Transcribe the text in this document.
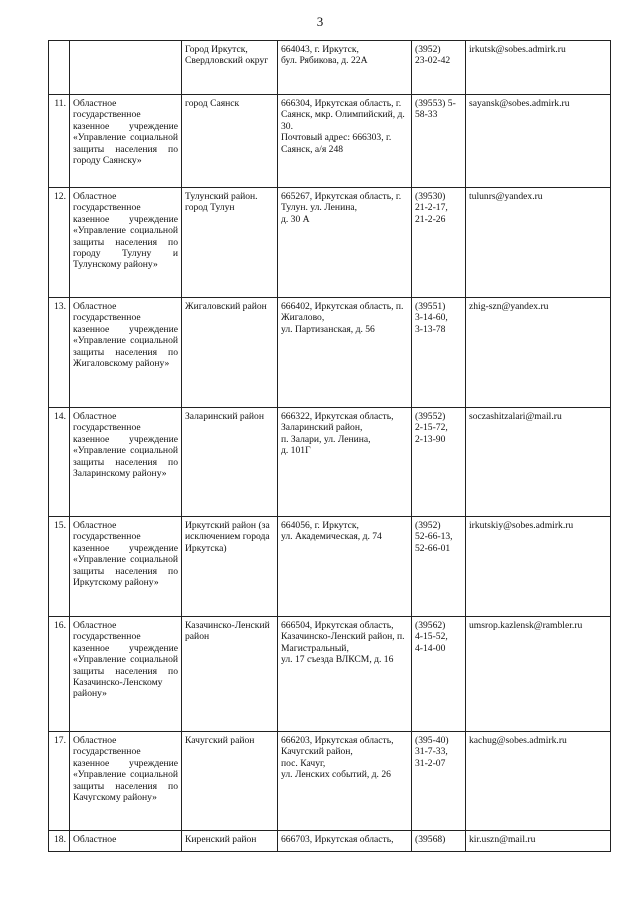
3
		Город Иркутск, Свердловский округ	664043, г. Иркутск,
бул. Рябикова, д. 22А	(3952)
23-02-42	irkutsk@sobes.admirk.ru
11.	Областное государственное казенное учреждение «Управление социальной защиты населения по городу Саянску»	город Саянск	666304, Иркутская область, г. Саянск, мкр. Олимпийский, д. 30.
Почтовый адрес: 666303, г. Саянск, а/я 248	(39553) 5-58-33	sayansk@sobes.admirk.ru
12.	Областное государственное казенное учреждение «Управление социальной защиты населения по городу Тулуну и Тулунскому району»	Тулунский район. город Тулун	665267, Иркутская область, г. Тулун. ул. Ленина,
д. 30 А	(39530)
21-2-17,
21-2-26	tulunrs@yandex.ru
13.	Областное государственное казенное учреждение «Управление социальной защиты населения по Жигаловскому району»	Жигаловский район	666402, Иркутская область, п. Жигалово,
ул. Партизанская, д. 56	(39551)
3-14-60,
3-13-78	zhig-szn@yandex.ru
14.	Областное государственное казенное учреждение «Управление социальной защиты населения по Заларинскому району»	Заларинский район	666322, Иркутская область, Заларинский район,
п. Залари, ул. Ленина,
д. 101Г	(39552)
2-15-72,
2-13-90	soczashitzalari@mail.ru
15.	Областное государственное казенное учреждение «Управление социальной защиты населения по Иркутскому району»	Иркутский район (за исключением города Иркутска)	664056, г. Иркутск,
ул. Академическая, д. 74	(3952)
52-66-13,
52-66-01	irkutskiy@sobes.admirk.ru
16.	Областное государственное казенное учреждение «Управление социальной защиты населения по Казачинско-Ленскому району»	Казачинско-Ленский район	666504, Иркутская область, Казачинско-Ленский район, п. Магистральный,
ул. 17 съезда ВЛКСМ, д. 16	(39562)
4-15-52,
4-14-00	umsrop.kazlensk@rambler.ru
17.	Областное государственное казенное учреждение «Управление социальной защиты населения по Качугскому району»	Качугский район	666203, Иркутская область, Качугский район,
пос. Качуг,
ул. Ленских событий, д. 26	(395-40)
31-7-33,
31-2-07	kachug@sobes.admirk.ru
18.	Областное	Киренский район	666703, Иркутская область,	(39568)	kir.uszn@mail.ru
